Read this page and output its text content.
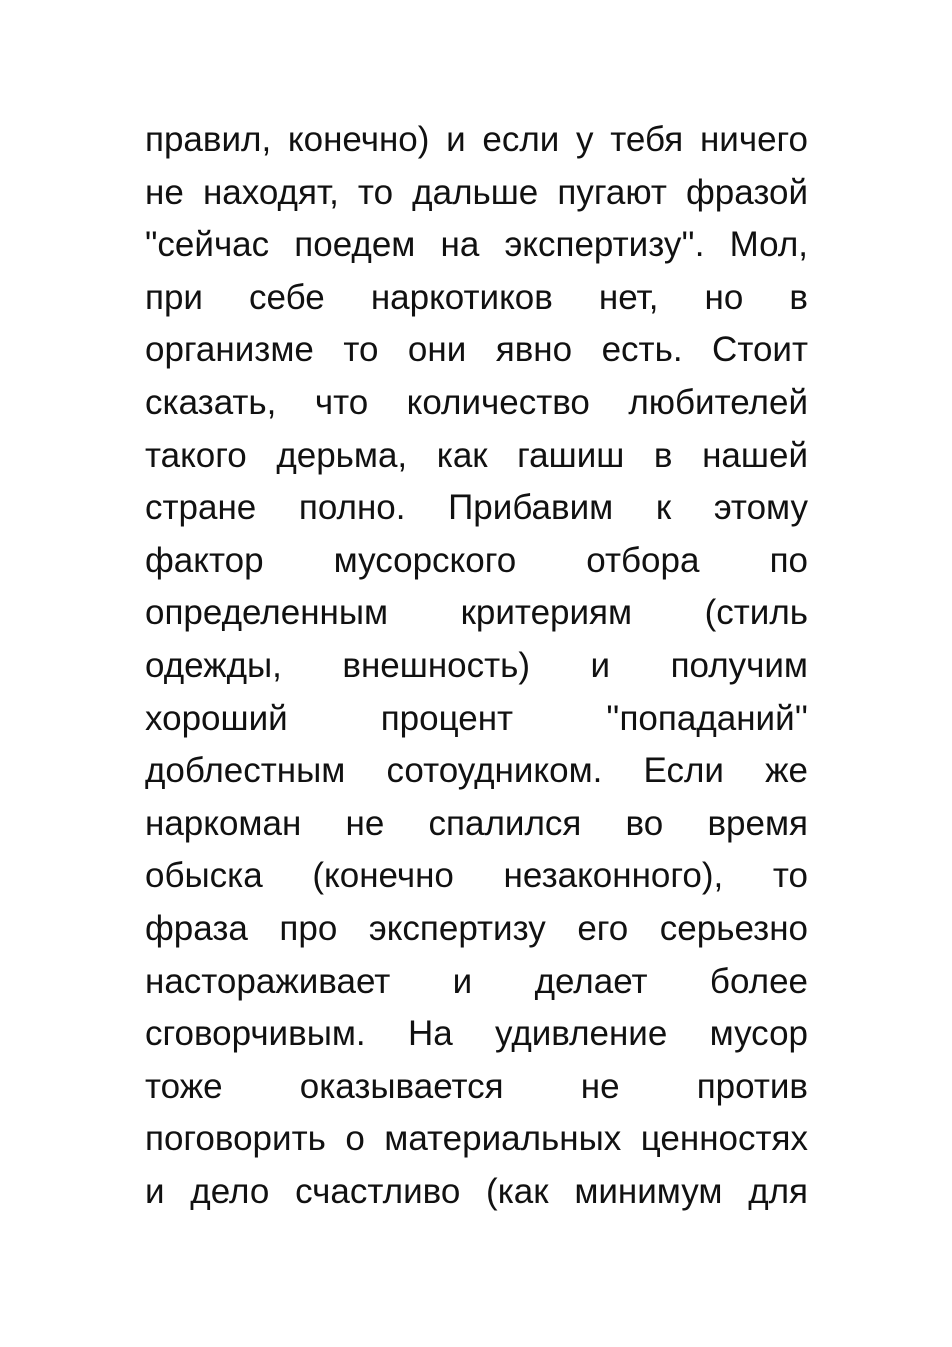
правил, конечно) и если у тебя ничего
не находят, то дальше пугают фразой
"сейчас поедем на экспертизу''. Мол,
при себе наркотиков нет, но в
организме то они явно есть. Стоит
сказать, что количество любителей
такого дерьма, как гашиш в нашей
стране полно. Прибавим к этому
фактор мусорского отбора по
определенным критериям (стиль
одежды, внешность) и получим
хороший процент ''попаданий''
доблестным сотоудником. Если же
наркоман не спалился во время
обыска (конечно незаконного), то
фраза про экспертизу его серьезно
настораживает и делает более
сговорчивым. На удивление мусор
тоже оказывается не против
поговорить о материальных ценностях
и дело счастливо (как минимум для
